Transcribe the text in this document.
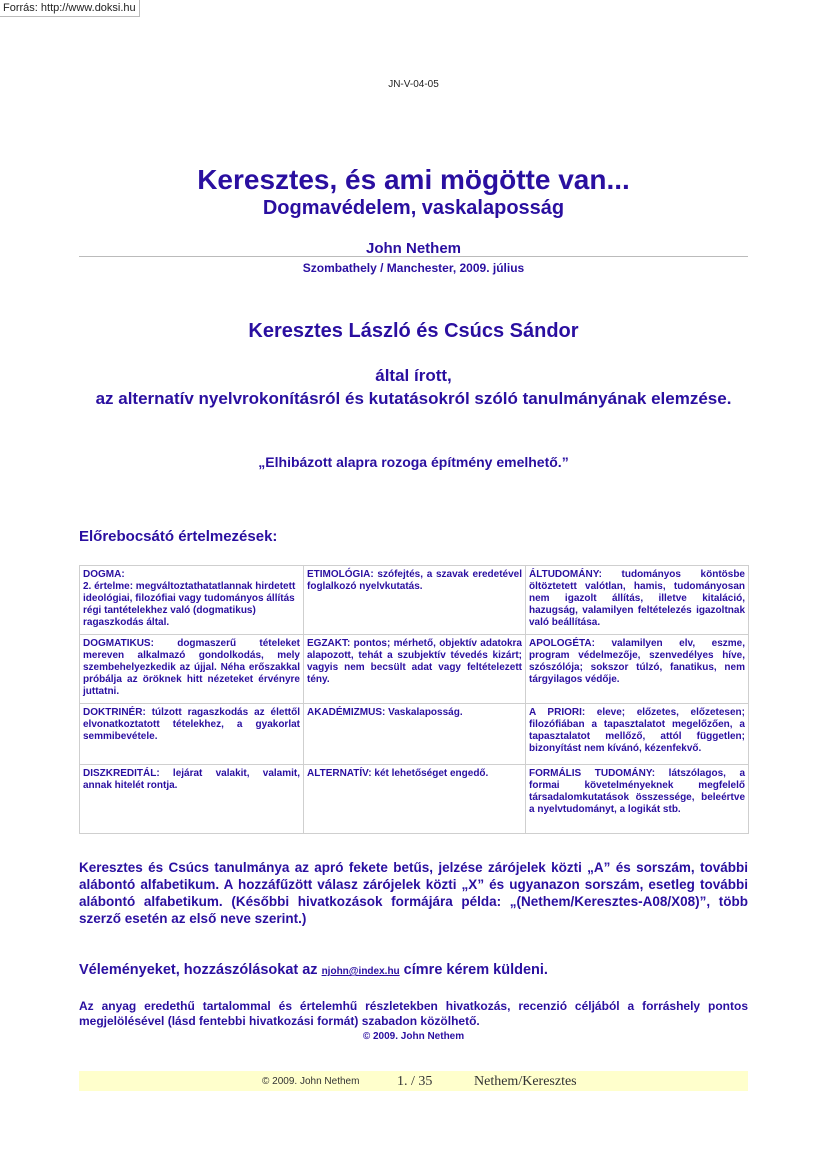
Forrás: http://www.doksi.hu
JN-V-04-05
Keresztes, és ami mögötte van...
Dogmavédelem, vaskalaposság
John Nethem
Szombathely / Manchester, 2009. július
Keresztes László és Csúcs Sándor
által írott,
az alternatív nyelvrokonításról és kutatásokról szóló tanulmányának elemzése.
„Elhibázott alapra rozoga építmény emelhető.”
Előrebocsátó értelmezések:
DOGMA:
2. értelme: megváltoztathatatlannak hirdetett ideológiai, filozófiai vagy tudományos állítás régi tantételekhez való (dogmatikus) ragaszkodás által.	ETIMOLÓGIA: szófejtés, a szavak eredetével foglalkozó nyelvkutatás.	ÁLTUDOMÁNY: tudományos köntösbe öltöztetett valótlan, hamis, tudományosan nem igazolt állítás, illetve kitaláció, hazugság, valamilyen feltételezés igazoltnak való beállítása.
DOGMATIKUS: dogmaszerű tételeket mereven alkalmazó gondolkodás, mely szembehelyezkedik az újjal. Néha erőszakkal próbálja az öröknek hitt nézeteket érvényre juttatni.	EGZAKT: pontos; mérhető, objektív adatokra alapozott, tehát a szubjektív tévedés kizárt; vagyis nem becsült adat vagy feltételezett tény.	APOLOGÉTA: valamilyen elv, eszme, program védelmezője, szenvedélyes híve, szószólója; sokszor túlzó, fanatikus, nem tárgyilagos védője.
DOKTRINÉR: túlzott ragaszkodás az élettől elvonatkoztatott tételekhez, a gyakorlat semmibevétele.	AKADÉMIZMUS: Vaskalaposság.	A PRIORI: eleve; előzetes, előzetesen; filozófiában a tapasztalatot megelőzően, a tapasztalatot mellőző, attól független; bizonyítást nem kívánó, kézenfekvő.
DISZKREDITÁL: lejárat valakit, valamit, annak hitelét rontja.	ALTERNATÍV: két lehetőséget engedő.	FORMÁLIS TUDOMÁNY: látszólagos, a formai követelményeknek megfelelő társadalomkutatások összessége, beleértve a nyelvtudományt, a logikát stb.
Keresztes és Csúcs tanulmánya az apró fekete betűs, jelzése zárójelek közti „A” és sorszám, további alábontó alfabetikum. A hozzáfűzött válasz zárójelek közti „X” és ugyanazon sorszám, esetleg további alábontó alfabetikum. (Későbbi hivatkozások formájára példa: „(Nethem/Keresztes-A08/X08)”, több szerző esetén az első neve szerint.)
Véleményeket, hozzászólásokat az njohn@index.hu címre kérem küldeni.
Az anyag eredethű tartalommal és értelemhű részletekben hivatkozás, recenzió céljából a forráshely pontos megjelölésével (lásd fentebbi hivatkozási formát) szabadon közölhető.
© 2009. John Nethem
© 2009. John Nethem	1. / 35	Nethem/Keresztes
